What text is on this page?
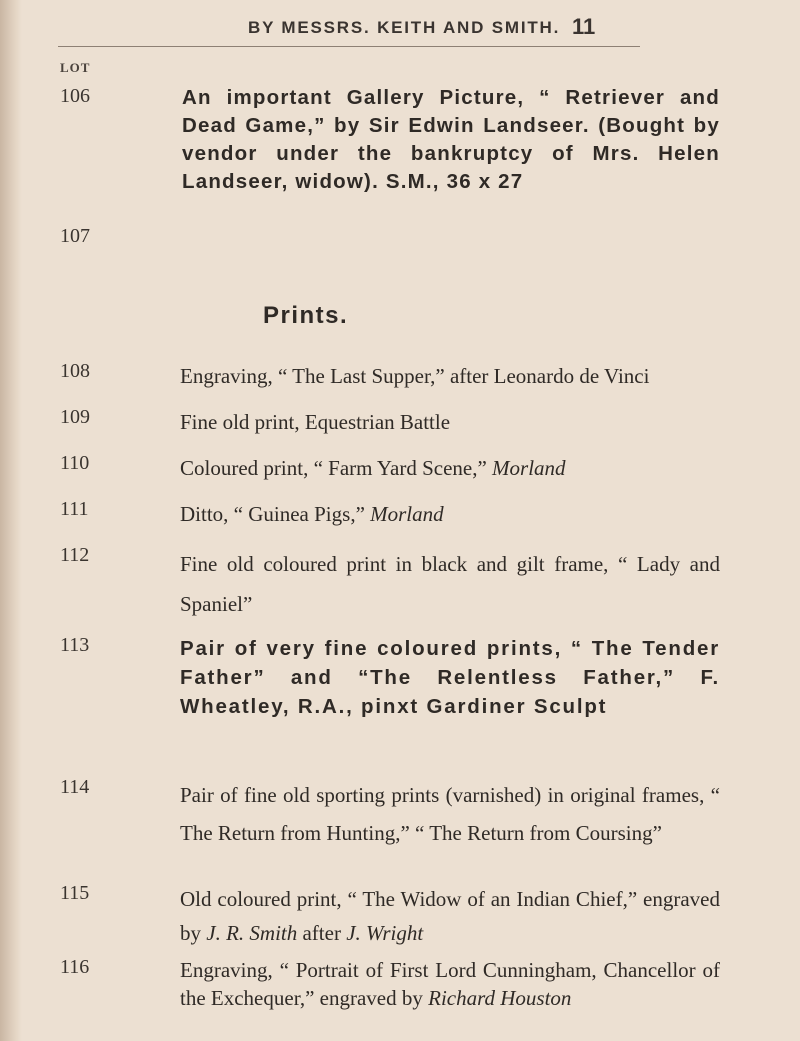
BY MESSRS. KEITH AND SMITH. 11
LOT
106	An important Gallery Picture, “ Retriever and Dead Game,” by Sir Edwin Landseer. (Bought by vendor under the bankruptcy of Mrs. Helen Landseer, widow). S.M., 36 x 27
107
Prints.
108	Engraving, “ The Last Supper,” after Leonardo de Vinci
109	Fine old print, Equestrian Battle
110	Coloured print, “ Farm Yard Scene,” Morland
111	Ditto, “ Guinea Pigs,” Morland
112	Fine old coloured print in black and gilt frame, “ Lady and Spaniel”
113	Pair of very fine coloured prints, “ The Tender Father” and “The Relentless Father,” F. Wheatley, R.A., pinxt Gardiner Sculpt
114	Pair of fine old sporting prints (varnished) in original frames, “ The Return from Hunting,” “ The Return from Coursing”
115	Old coloured print, “ The Widow of an Indian Chief,” engraved by J. R. Smith after J. Wright
116	Engraving, “ Portrait of First Lord Cunningham, Chancellor of the Exchequer,” engraved by Richard Houston
